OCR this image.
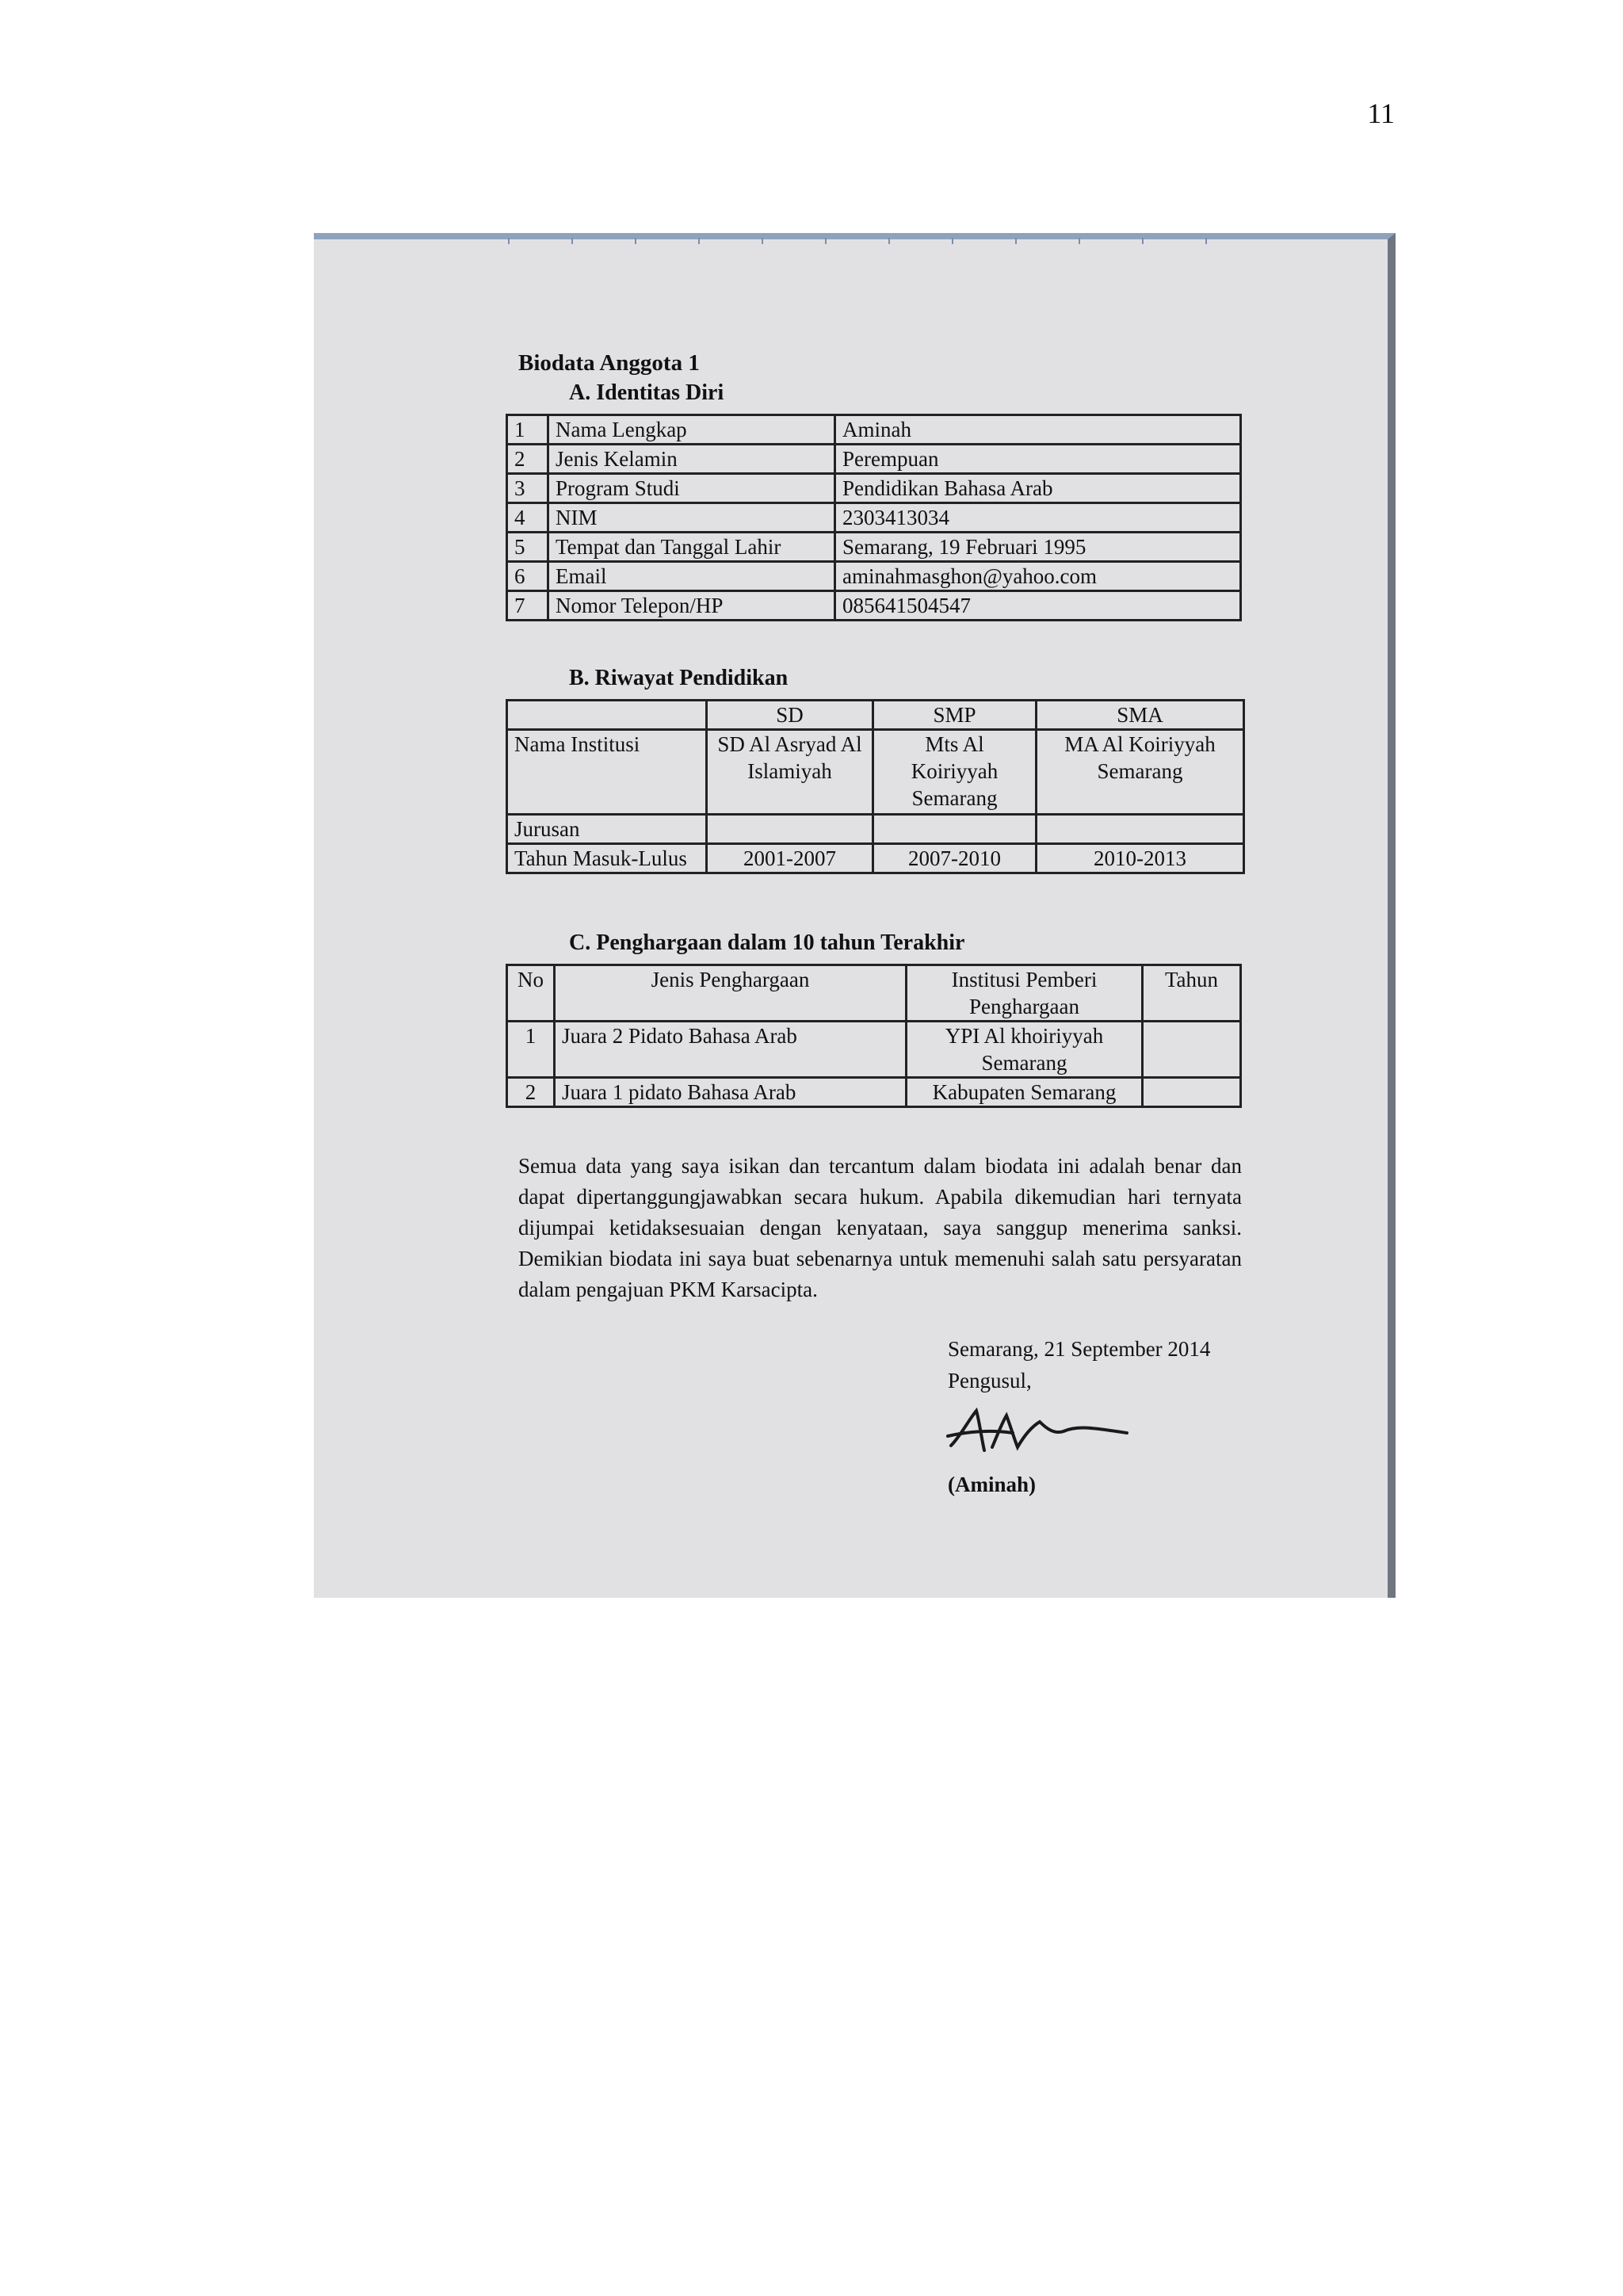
11
Biodata Anggota 1
A. Identitas Diri
1	Nama Lengkap	Aminah
2	Jenis Kelamin	Perempuan
3	Program Studi	Pendidikan Bahasa Arab
4	NIM	2303413034
5	Tempat dan Tanggal Lahir	Semarang, 19 Februari 1995
6	Email	aminahmasghon@yahoo.com
7	Nomor Telepon/HP	085641504547
B. Riwayat Pendidikan
	SD	SMP	SMA
Nama Institusi	SD Al Asryad Al Islamiyah	Mts Al Koiriyyah Semarang	MA Al Koiriyyah Semarang
Jurusan			
Tahun Masuk-Lulus	2001-2007	2007-2010	2010-2013
C. Penghargaan dalam 10 tahun Terakhir
No	Jenis Penghargaan	Institusi Pemberi Penghargaan	Tahun
1	Juara 2 Pidato Bahasa Arab	YPI Al khoiriyyah Semarang	
2	Juara 1 pidato Bahasa Arab	Kabupaten Semarang	
Semua data yang saya isikan dan tercantum dalam biodata ini adalah benar dan dapat dipertanggungjawabkan secara hukum. Apabila dikemudian hari ternyata dijumpai ketidaksesuaian dengan kenyataan, saya sanggup menerima sanksi. Demikian biodata ini saya buat sebenarnya untuk memenuhi salah satu persyaratan dalam pengajuan PKM Karsacipta.
Semarang, 21 September 2014
Pengusul,
(Aminah)
